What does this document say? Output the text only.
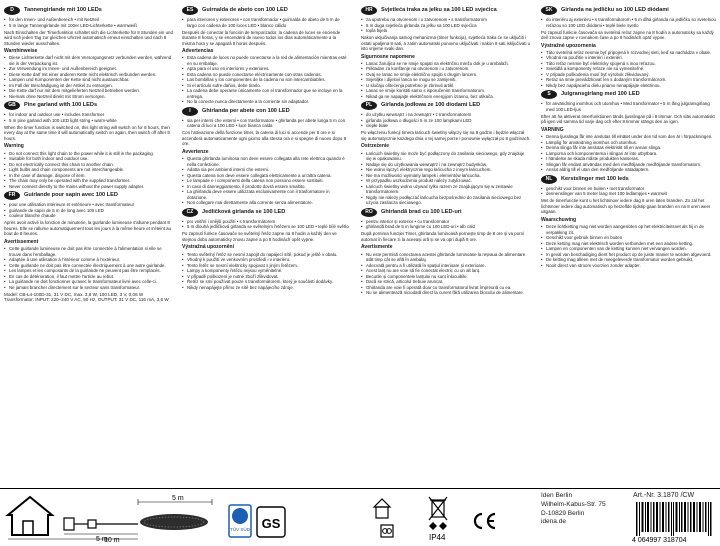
D	Tannengirlande mit 100 LEDs
• für den Innen- und Außenbereich • mit Netzteil
• 5 m lange Tannengirlande mit 100er LED-Lichterkette • warmweiß

Nach Einschalten der Timerfunktion schaltet sich die Lichterkette für 8 Stunden ein und wird sich jeden Tag zur gleichen Uhrzeit automatisch erneut einschalten und nach 8 Stunden wieder ausschalten.

Warnhinweise
• Diese Lichterkette darf nicht mit dem Versorgungsnetz verbunden werden, während sie in der Verpackung ist.
• Zur Verwendung im Innen- und Außenbereich geeignet.
• Diese Kette darf mit einer anderen Kette nicht elektrisch verbunden werden.
• Lampen und Komponenten der Kette sind nicht austauschbar.
• Im Fall der Beschädigung ist der Artikel zu entsorgen.
• Die Kette darf nur mit dem mitgelieferten Netzteil betrieben werden.
• Niemals ohne Netzteil direkt mit Strom versorgen.
GB	Pine garland with 100 LEDs
• for indoor and outdoor use • includes transformer
• 5 m pine garland with 100 LED light string • warm-white

When the timer function is switched on, this light string will switch on for 8 hours, then every day at the same time it will automatically switch on again, then switch off after 8 hours.

Warning
• Do not connect this light chain to the power while it is still in the packaging.
• Suitable for both indoor and outdoor use.
• Do not electrically connect this chain to another chain.
• Light bulbs and chain components are not interchangeable.
• In the case of damage, dispose of item.
• The chain may only be operated with the supplied transformer.
• Never connect directly to the mains without the power supply adapter.
FR	Guirlande pour sapin avec 100 LED
• pour une utilisation intérieure et extérieure • avec transformateur
• guirlande de sapin de 5 m de long avec 100 LED
• couleur blanche chaude

Après avoir activé la fonction de minuterie, la guirlande lumineuse s'allume pendant 8 heures. Elle se rallume automatiquement tous les jours à la même heure et s'éteint au bout de 8 heures.

Avertissement
• Cette guirlande lumineuse ne doit pas être connectée à l'alimentation si elle se trouve dans l'emballage.
• Adaptée à une utilisation à l'intérieur comme à l'extérieur.
• Cette guirlande ne doit pas être connectée électriquement à une autre guirlande.
• Les lampes et les composants de la guirlande ne peuvent pas être remplacés.
• En cas de détérioration, il faut mettre l'article au rebut.
• La guirlande ne doit fonctionner qu'avec le transformateur livré avec celle-ci.
• Ne jamais brancher directement sur le secteur sans transformateur.
Model: CB-L4-100D-31, 31 V DC, max. 3,6 W, 100 LED, 3 V, 0,06 W
Transformator: INPUT: 220–240 V AC, 50 Hz, OUTPUT: 31 V DC, 116 mA, 3,6 W
ES	Guirnalda de abeto con 100 LED
• para interiores y exteriores • con transformador • guirnalda de abeto de 5 m de largo con cadena de 100 luces LED • blanco cálido

Después de conectar la función de temporizador, la cadena de luces se enciende durante 8 horas, y se encenderá de nuevo todos los días automáticamente a la misma hora y se apagará 8 horas después.

Advertencias
• Esta cadena de luces no puede conectarse a la red de alimentación mientras esté en su embalaje.
• Apta para el uso en interiores y exteriores.
• Esta cadena no puede conectarse eléctricamente con otras cadenas.
• Las bombillas y los componentes de la cadena no son intercambiables.
• Si el artículo sufre daños, debe tirarlo.
• La cadena debe operarse únicamente con el transformador que se incluye en la entrega.
• No la conecte nunca directamente a la corriente sin adaptador.
I	Ghirlanda per abete con 100 LED
• sia per interni che esterni • con trasformatore • ghirlanda per abete lunga 5 m con catena di luci a 100 LED • luce bianca calda

Con l'attivazione della funzione timer, la catena di luci si accende per 8 ore e si accenderà automaticamente ogni giorno alla stessa ora e si spegne di nuovo dopo 8 ore.

Avvertenze
• Questa ghirlanda luminosa non deve essere collegata alla rete elettrica quando è nella confezione.
• Adatta sia per ambienti interni che esterni.
• Questa catena non deve essere collegata elettricamente a un'altra catena.
• Le lampade e i componenti della catena non possono essere sostituiti.
• In caso di danneggiamento, il prodotto dovrà essere smaltito.
• La ghirlanda deve essere utilizzata esclusivamente con il trasformatore in dotazione.
• Non collegare mai direttamente alla corrente senza alimentatore.
CZ	Jedličková girlanda se 100 LED
• pro vnitřní i vnější použití • s transformátorem
• 5 m dlouhá jedličková girlanda se světelným řetězem se 100 LED • teplé bílé světlo

Po zapnutí funkce časovače se světelný řetěz zapne na 8 hodin a každý den ve stejnou dobu automaticky znovu zapne a po 8 hodinách opět vypne.

Výstražná upozornění
• Tento světelný řetěz se nesmí zapojit do napájecí sítě, pokud je ještě v obalu.
• Vhodný k použití ve venkovním prostředí i v interiéru.
• Tento řetěz se nesmí elektricky spojovat s jiným řetězem.
• Lampy a komponenty řetězu nejsou vyměnitelné.
• V případě poškození je nutné zboží zlikvidovat.
• Řetěz se smí používat pouze s transformátorem, který je součástí dodávky.
• Nikdy nenapájejte přímo ze sítě bez napájecího zdroje.
HR	Svjetleća traka za jelku sa 100 LED svjećica
• za upotrebu na otvorenom i u zatvorenom • s transformatorom
• 5 m duga svjetleća girlanda za jelku sa 100 LED svjećica
• topla bijela

Nakon uključivanja satnog mehanizma (timer funkcija), svjetleća traka će se uključiti i ostati upaljena 8 sati, a zatim automatski ponovno uključivati i nakon 8 sati isključivati u isto vrijeme svaki dan.

Sigurnosne napomene
• Lanac žaruljica se ne smije spajati na električnu mrežu dok je u ambalaži.
• Prikladan za korištenje na otvorenom i u zatvorenom.
• Ovaj se lanac ne smije električno spojiti s drugim lancem.
• Svjetiljke i dijelovi lanca se mogu se zamijeniti.
• U slučaju oštećenja potrebno je zbrinuti artikl.
• Lanac se smije koristiti samo s isporučenim transformatorom.
• Nikad ga ne napajajte električnom energijom izravno, bez utikača.
PL	Girlanda jodłowa ze 100 diodami LED
• do użytku wewnątrz i na zewnątrz • z transformatorem
• girlanda jodłowa o długości 5 m ze 100 lampkami LED
• ciepłe białe

Po włączeniu funkcji timera łańcuch świetlny włączy się na 8 godzin i będzie włączał się automatycznie każdego dnia o tej samej porze i ponownie wyłączał po 8 godzinach.

Ostrzeżenie
• Łańcuch świetlny nie może być podłączony do zasilania sieciowego, gdy znajduje się w opakowaniu.
• Nadaje się do użytkowania wewnątrz i na zewnątrz budynków.
• Nie wolno łączyć elektrycznie tego łańcucha z innym łańcuchem.
• Nie ma możliwości wymiany lampek i elementów łańcucha.
• W przypadku uszkodzenia produkt należy zutylizować.
• Łańcuch świetlny wolno używać tylko razem ze znajdującym się w zestawie transformatorem.
• Nigdy nie należy podłączać łańcucha bezpośrednio do zasilania sieciowego bez użycia zasilacza sieciowego.
RO	Ghirlandă brad cu 100 LED-uri
• pentru interior și exterior • cu transformator
• ghirlandă brad de 5 m lungime cu 100 LED-uri • alb cald

După pornirea funcției Timer, ghirlanda luminoasă pornește timp de 8 ore și va porni automat în fiecare zi la aceeași oră și se va opri după 8 ore.

Avertismente
• Nu este permisă conectarea acestei ghirlande luminoase la rețeaua de alimentare atât timp cât se află în ambalaj.
• Adecvată pentru a fi utilizată în spațiul interioare și exterioare.
• Acest lanț nu are voie să fie conectat electric cu un alt lanț.
• Becurile și componentele lanțului nu sunt înlocuibile.
• Dacă se strică, articolul trebuie aruncat.
• Ghirlanda are voie fi operată doar cu transformatorul livrat împreună cu ea.
• Nu se alimentează niciodată direct la curent fără utilizarea blocului de alimentare.
SK	Girlanda na jedličku so 100 LED diódami
• do interiéru aj exteriéru • s transformátorom • 5 m dlhá girlanda na jedličku so svetelnou reťazou so 100 LED diódami • teplé biele svetlo

Po zapnutí funkcie časovača sa svetelná reťaz zapne na 8 hodín a automaticky sa každý deň znova zapne v rovnakom čase a po 8 hodinách opäť vypne.

Výstražné upozornenia
• Táto svetelná reťaz nesmie byť pripojená k rozvodnej sieti, keď sa nachádza v obale.
• Vhodná na použitie v interiéri i exteriéri.
• Táto reťaz nesmie byť elektricky spojená s inou reťazou.
• Svietidlá a komponenty reťaze nie sú vymeniteľné.
• V prípade poškodenia musí byť výrobok zlikvidovaný.
• Reťaz sa smie prevádzkovať len s dodaným transformátorom.
• Nikdy bez napájacieho dielu priamo nenapájajte elektrinou.
S	Julgransgirlang med 100 LED
• för användning inomhus och utomhus • Med transformator • 5 m lång julgransgirlang med 100 LED-ljus

Efter att ha aktiverat timerfunktionen tänds ljusslingan på i 8 timmar. Och släs automatiskt på igen vid samma tid varje dag och efter 8 timmar stängs den av igen.

VARNING
• Denna ljusslinga får inte anslutas till elnätet under den tid som den är i förpackningen.
• Lämplig för användning inomhus och utomhus.
• Denna slinga får inte anslutas elektriskt till en annan slinga.
• Lamporna och komponenterna i slingan är inte utbytbara.
• I händelse av skada måste produkten kasseras.
• Slingan får endast användas med den medföljande medföljande transformatorn.
• Anslut aldrig till el utan den medföljande nätadaptern.
NL	Kerstslinger met 100 leds
• geschikt voor binnen en buiten • met transformator
• dennenslinger van 5 meter lang met 100 ledlampjes • warmwit

Met de timerfunctie kunt u het lichtsnoer iedere dag 8 uren laten branden. Zo zal het lichtsnoer iedere dag automatisch op hetzelfde tijdstip gaan branden en na 8 uren weer uitgaan.

Waarschuwing
• Deze lichtketting mag niet worden aangesloten op het elektriciteitsnet als hij in de verpakking zit.
• Geschikt voor gebruik binnen en buiten
• Deze ketting mag niet elektrisch worden verbonden met een andere ketting.
• Lampen en componenten van de ketting kunnen niet vervangen worden.
• In geval van beschadiging dient het product op de juiste manier te worden afgevoerd.
• De ketting mag alleen met de meegeleverde transformator worden gebruikt.
• Nooit direct van stroom voorzien zonder adapter.
5 m
5 m
10 m
TÜV SÜD GS
IP44
Iden Berlin
Wilhelm-Kabus-Str. 75
D-10829 Berlin
idena.de
Art.-Nr. 3.1870 /CW
4 064997 318704
